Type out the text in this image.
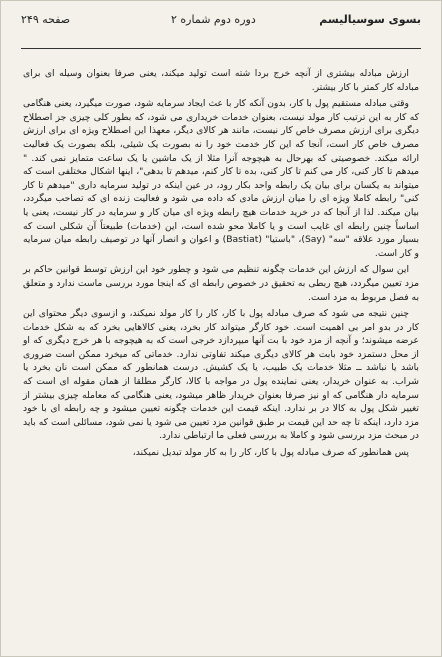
بسوی سوسیالیسم
دوره دوم شماره ۲
صفحه ۲۴۹

ارزش مبادله بیشتری از آنچه خرج بردا شته است تولید میکند، یعنی صرفا بعنوان وسیله ای برای مبادله کار کمتر با کار بیشتر.

وقتی مبادله مستقیم پول با کار، بدون آنکه کار با عث ایجاد سرمایه شود، صورت میگیرد، یعنی هنگامی که کار به این ترتیب کار مولد نیست، بعنوان خدمات خریداری می شود، که بطور کلی چیزی جز اصطلاح دیگری برای ارزش مصرف خاص کار نیست، مانند هر کالای دیگر، معهذا این اصطلاح ویژه ای برای ارزش مصرف خاص کار است، آنجا که این کار خدمت خود را نه بصورت یک شیئی، بلکه بصورت یک فعالیت ارائه میکند. خصوصیتی که بهرحال به هیچوجه آنرا مثلا از یک ماشین یا یک ساعت متمایز نمی کند. " میدهم تا کار کنی، کار می کنم تا کار کنی، بده تا کار کنم، میدهم تا بدهی"، اینها اشکال مختلفی است که میتواند به یکسان برای بیان یک رابطه واحد بکار رود، در عین اینکه در تولید سرمایه داری "میدهم تا کار کنی" رابطه کاملا ویژه ای را میان ارزش مادی که داده می شود و فعالیت زنده ای که تصاحب میگردد، بیان میکند. لذا از آنجا که در خرید خدمات هیچ رابطه ویژه ای میان کار و سرمایه در کار نیست، یعنی یا اساساً چنین رابطه ای غایب است و یا کاملا محو شده است، این (خدمات) طبیعتاً آن شکلی است که بسیار مورد علاقه "سه" (Say)، "باستیا" (Bastiat) و اعوان و انصار آنها در توصیف رابطه میان سرمایه و کار است.

این سوال که ارزش این خدمات چگونه تنظیم می شود و چطور خود این ارزش توسط قوانین حاکم بر مزد تعیین میگردد، هیچ ربطی به تحقیق در خصوص رابطه ای که اینجا مورد بررسی ماست ندارد و متعلق به فصل مربوط به مزد است.

چنین نتیجه می شود که صرف مبادله پول با کار، کار را کار مولد نمیکند، و ازسوی دیگر محتوای این کار در بدو امر بی اهمیت است. خود کارگر میتواند کار بخرد، یعنی کالاهایی بخرد که به شکل خدمات عرضه میشوند؛ و آنچه از مزد خود با بت آنها میپردازد خرجی است که به هیچوجه با هر خرج دیگری که او از محل دستمزد خود بابت هر کالای دیگری میکند تفاوتی ندارد. خدماتی که میخرد ممکن است ضروری باشد یا نباشد ــ مثلا خدمات یک طبیب، یا یک کشیش. درست همانطور که ممکن است نان بخرد یا شراب. به عنوان خریدار، یعنی نماینده پول در مواجه با کالا، کارگر مطلقا از همان مقوله ای است که سرمایه دار هنگامی که او نیز صرفا بعنوان خریدار ظاهر میشود، یعنی هنگامی که معامله چیزی بیشتر از تغییر شکل پول به کالا در بر ندارد. اینکه قیمت این خدمات چگونه تعیین میشود و چه رابطه ای با خود مزد دارد، اینکه تا چه حد این قیمت بر طبق قوانین مزد تعیین می شود یا نمی شود، مسائلی است که باید در مبحث مزد بررسی شود و کاملا به بررسی فعلی ما ارتباطی ندارد.

پس همانطور که صرف مبادله پول با کار، کار را به کار مولد تبدیل نمیکند،
